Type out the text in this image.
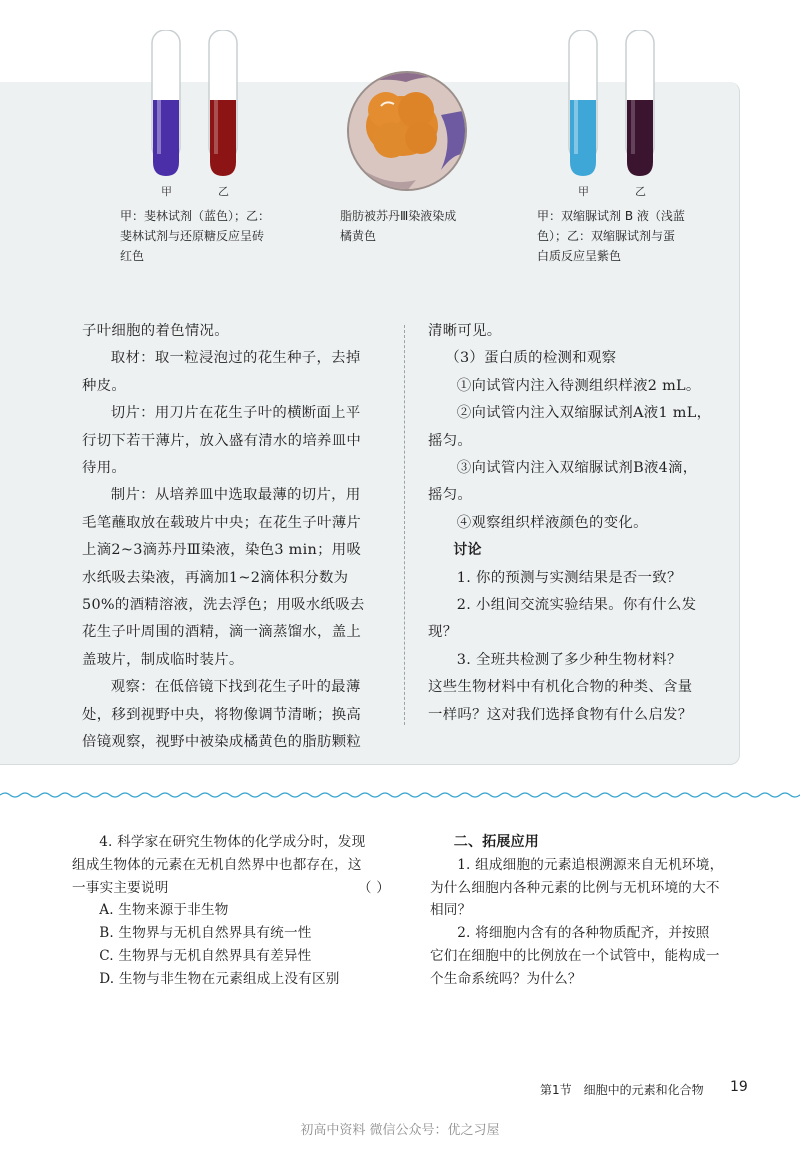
甲	乙	甲	乙
甲：斐林试剂（蓝色）；乙：
斐林试剂与还原糖反应呈砖
红色
脂肪被苏丹Ⅲ染液染成
橘黄色
甲：双缩脲试剂 B 液（浅蓝
色）；乙：双缩脲试剂与蛋
白质反应呈紫色

子叶细胞的着色情况。

取材：取一粒浸泡过的花生种子，去掉

种皮。

切片：用刀片在花生子叶的横断面上平

行切下若干薄片，放入盛有清水的培养皿中

待用。

制片：从培养皿中选取最薄的切片，用

毛笔蘸取放在载玻片中央；在花生子叶薄片

上滴2~3滴苏丹Ⅲ染液，染色3 min；用吸

水纸吸去染液，再滴加1~2滴体积分数为

50%的酒精溶液，洗去浮色；用吸水纸吸去

花生子叶周围的酒精，滴一滴蒸馏水，盖上

盖玻片，制成临时装片。

观察：在低倍镜下找到花生子叶的最薄

处，移到视野中央，将物像调节清晰；换高

倍镜观察，视野中被染成橘黄色的脂肪颗粒

清晰可见。

（3）蛋白质的检测和观察

①向试管内注入待测组织样液2 mL。

②向试管内注入双缩脲试剂A液1 mL，

摇匀。

③向试管内注入双缩脲试剂B液4滴，

摇匀。

④观察组织样液颜色的变化。

讨论

1. 你的预测与实测结果是否一致？

2. 小组间交流实验结果。你有什么发

现？

3. 全班共检测了多少种生物材料？

这些生物材料中有机化合物的种类、含量

一样吗？这对我们选择食物有什么启发？

4. 科学家在研究生物体的化学成分时，发现

组成生物体的元素在无机自然界中也都存在，这

一事实主要说明	（ ）

A. 生物来源于非生物

B. 生物界与无机自然界具有统一性

C. 生物界与无机自然界具有差异性

D. 生物与非生物在元素组成上没有区别

二、拓展应用

1. 组成细胞的元素追根溯源来自无机环境，

为什么细胞内各种元素的比例与无机环境的大不

相同？

2. 将细胞内含有的各种物质配齐，并按照

它们在细胞中的比例放在一个试管中，能构成一

个生命系统吗？为什么？

第1节　细胞中的元素和化合物 19
初高中资料 微信公众号：优之习屋
